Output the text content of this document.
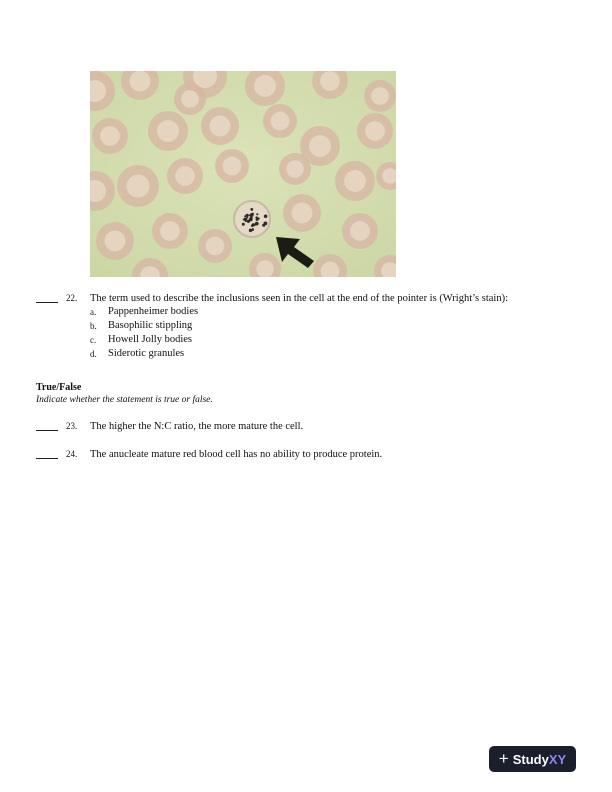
22. The term used to describe the inclusions seen in the cell at the end of the pointer is (Wright’s stain):
a. Pappenheimer bodies
b. Basophilic stippling
c. Howell Jolly bodies
d. Siderotic granules
True/False
Indicate whether the statement is true or false.
23. The higher the N:C ratio, the more mature the cell.
24. The anucleate mature red blood cell has no ability to produce protein.
+ StudyXY
